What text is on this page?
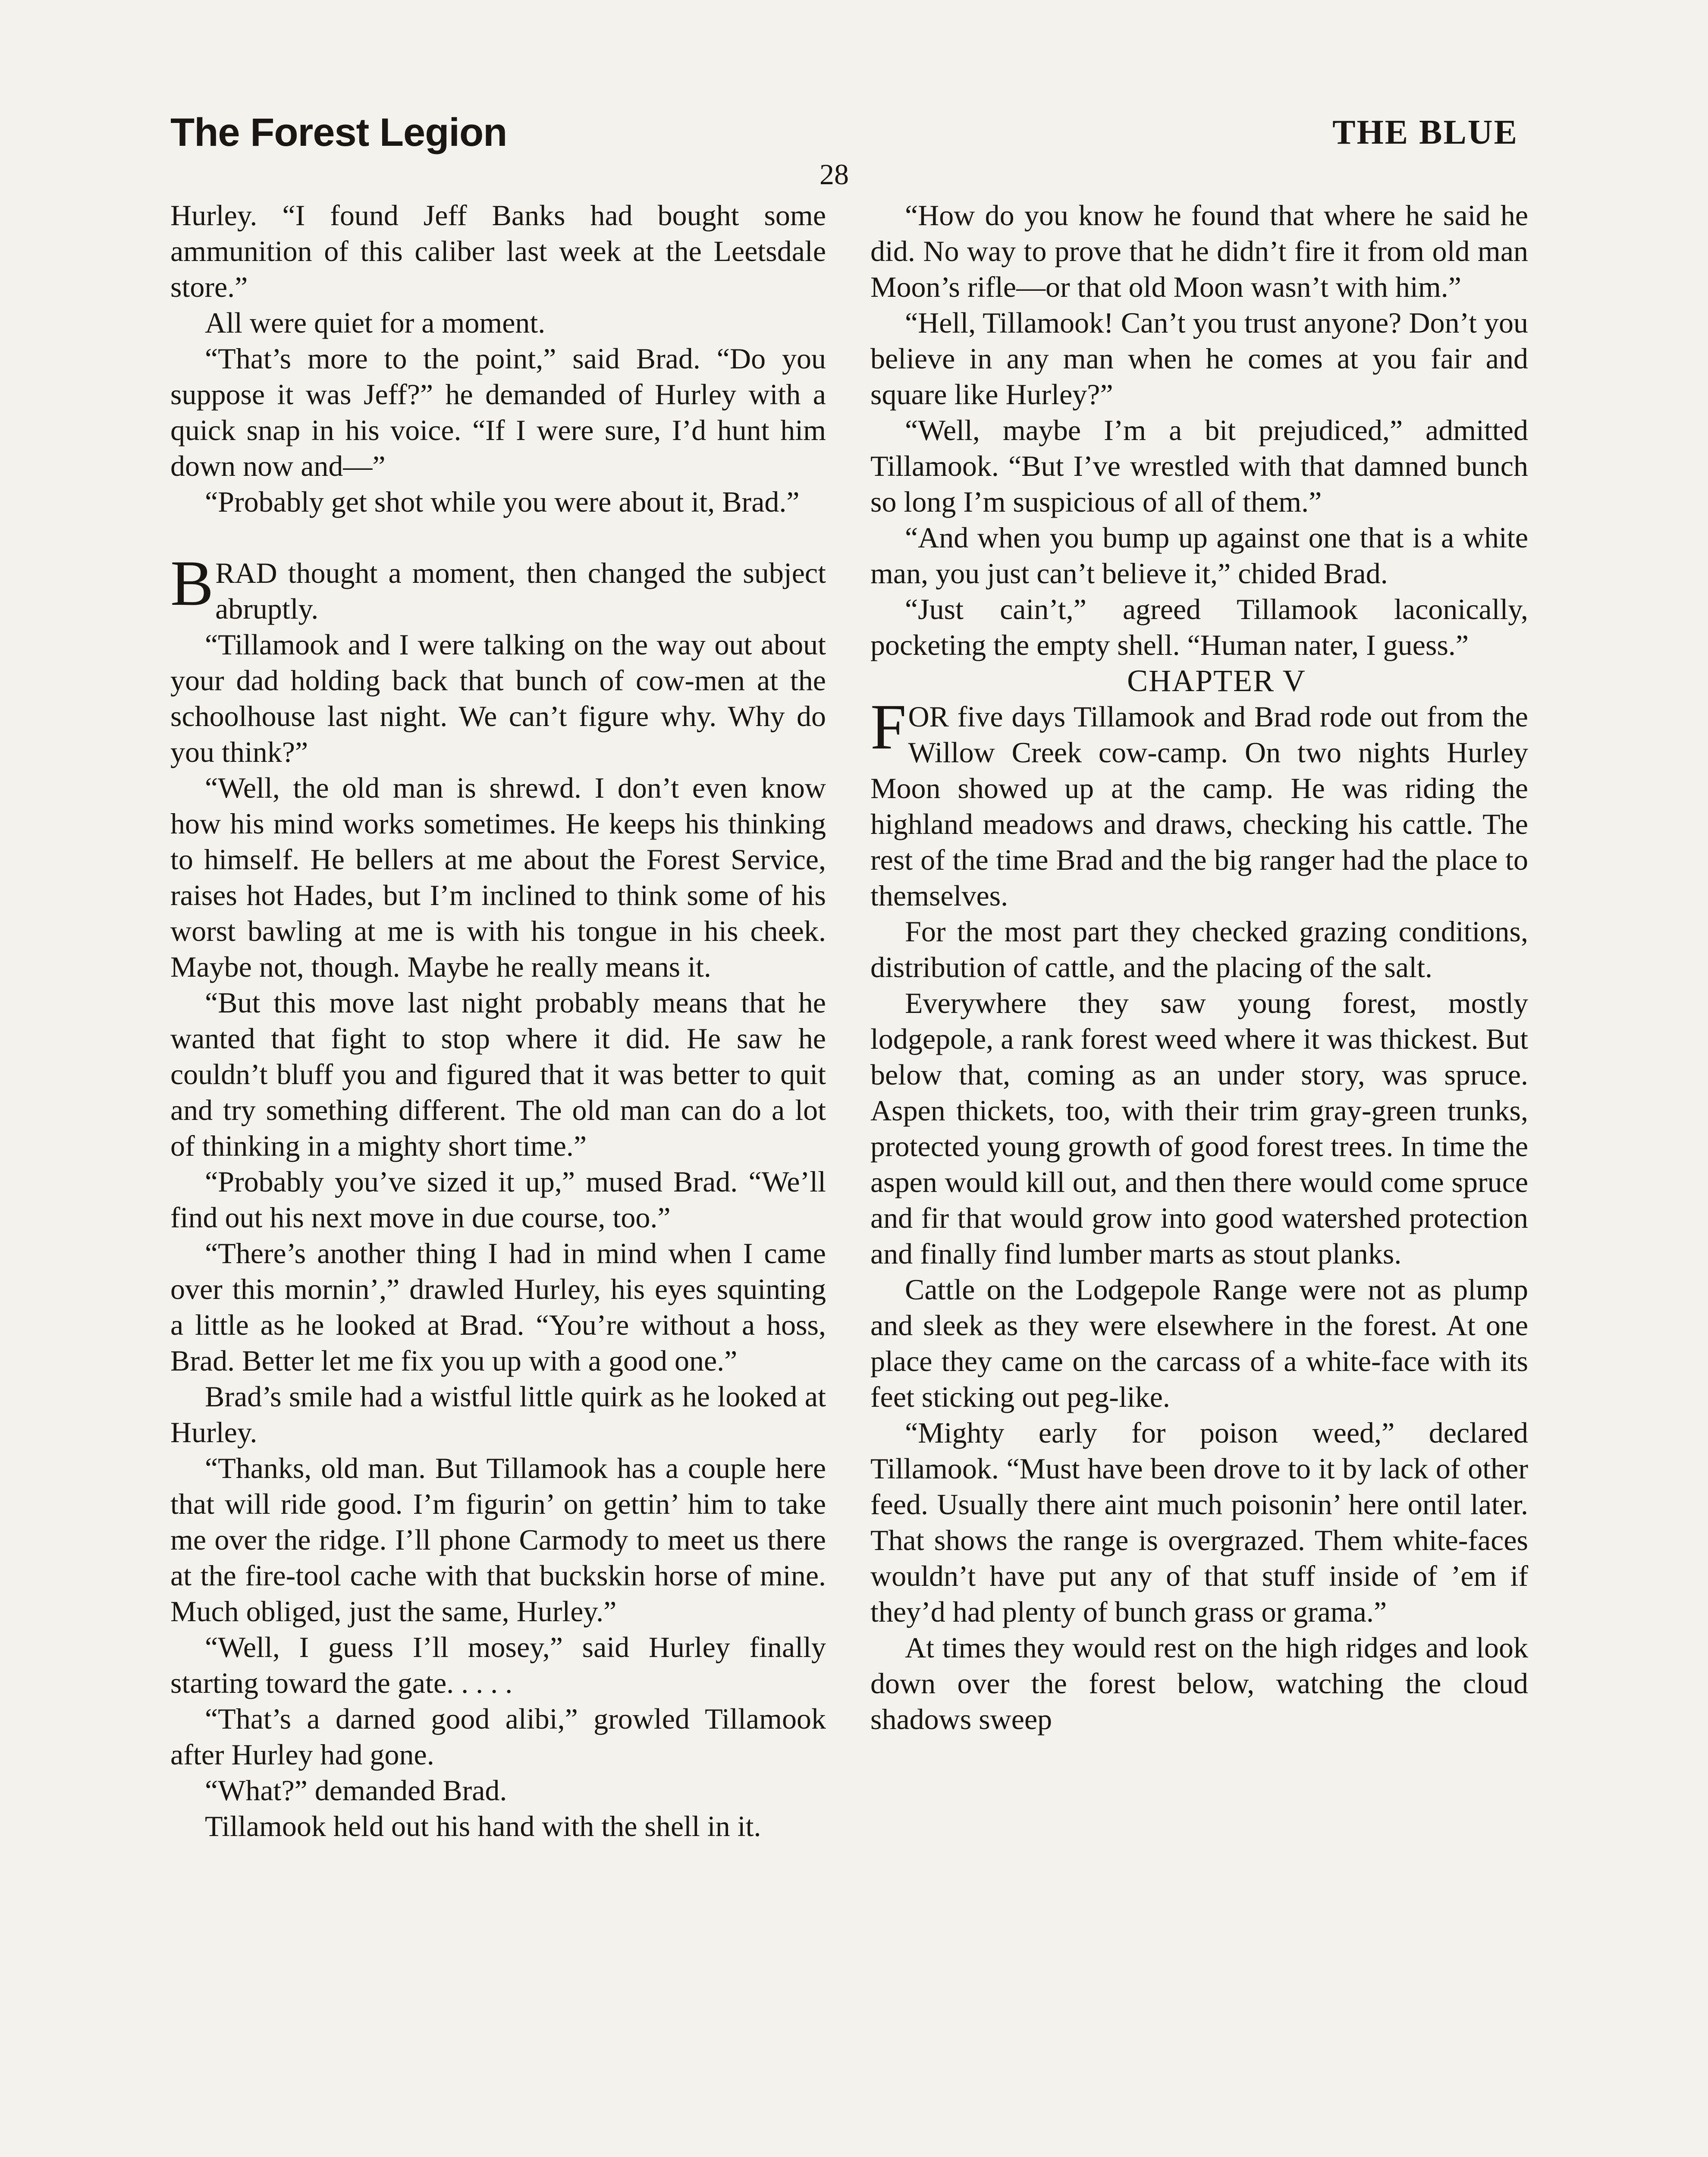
The Forest Legion	THE BLUE
28

Hurley. “I found Jeff Banks had bought some ammunition of this caliber last week at the Leetsdale store.”

All were quiet for a moment.

“That’s more to the point,” said Brad. “Do you suppose it was Jeff?” he demanded of Hurley with a quick snap in his voice. “If I were sure, I’d hunt him down now and—”

“Probably get shot while you were about it, Brad.”

BRAD thought a moment, then changed the subject abruptly.

“Tillamook and I were talking on the way out about your dad holding back that bunch of cow-men at the schoolhouse last night. We can’t figure why. Why do you think?”

“Well, the old man is shrewd. I don’t even know how his mind works sometimes. He keeps his thinking to himself. He bellers at me about the Forest Service, raises hot Hades, but I’m inclined to think some of his worst bawling at me is with his tongue in his cheek. Maybe not, though. Maybe he really means it.

“But this move last night probably means that he wanted that fight to stop where it did. He saw he couldn’t bluff you and figured that it was better to quit and try something different. The old man can do a lot of thinking in a mighty short time.”

“Probably you’ve sized it up,” mused Brad. “We’ll find out his next move in due course, too.”

“There’s another thing I had in mind when I came over this mornin’,” drawled Hurley, his eyes squinting a little as he looked at Brad. “You’re without a hoss, Brad. Better let me fix you up with a good one.”

Brad’s smile had a wistful little quirk as he looked at Hurley.

“Thanks, old man. But Tillamook has a couple here that will ride good. I’m figurin’ on gettin’ him to take me over the ridge. I’ll phone Carmody to meet us there at the fire-tool cache with that buckskin horse of mine. Much obliged, just the same, Hurley.”

“Well, I guess I’ll mosey,” said Hurley finally starting toward the gate. . . . .

“That’s a darned good alibi,” growled Tillamook after Hurley had gone.

“What?” demanded Brad.

Tillamook held out his hand with the shell in it.

“How do you know he found that where he said he did. No way to prove that he didn’t fire it from old man Moon’s rifle—or that old Moon wasn’t with him.”

“Hell, Tillamook! Can’t you trust anyone? Don’t you believe in any man when he comes at you fair and square like Hurley?”

“Well, maybe I’m a bit prejudiced,” admitted Tillamook. “But I’ve wrestled with that damned bunch so long I’m suspicious of all of them.”

“And when you bump up against one that is a white man, you just can’t believe it,” chided Brad.

“Just cain’t,” agreed Tillamook laconically, pocketing the empty shell. “Human nater, I guess.”

CHAPTER V

FOR five days Tillamook and Brad rode out from the Willow Creek cow-camp. On two nights Hurley Moon showed up at the camp. He was riding the highland meadows and draws, checking his cattle. The rest of the time Brad and the big ranger had the place to themselves.

For the most part they checked grazing conditions, distribution of cattle, and the placing of the salt.

Everywhere they saw young forest, mostly lodgepole, a rank forest weed where it was thickest. But below that, coming as an under story, was spruce. Aspen thickets, too, with their trim gray-green trunks, protected young growth of good forest trees. In time the aspen would kill out, and then there would come spruce and fir that would grow into good watershed protection and finally find lumber marts as stout planks.

Cattle on the Lodgepole Range were not as plump and sleek as they were elsewhere in the forest. At one place they came on the carcass of a white-face with its feet sticking out peg-like.

“Mighty early for poison weed,” declared Tillamook. “Must have been drove to it by lack of other feed. Usually there aint much poisonin’ here ontil later. That shows the range is overgrazed. Them white-faces wouldn’t have put any of that stuff inside of ’em if they’d had plenty of bunch grass or grama.”

At times they would rest on the high ridges and look down over the forest below, watching the cloud shadows sweep
